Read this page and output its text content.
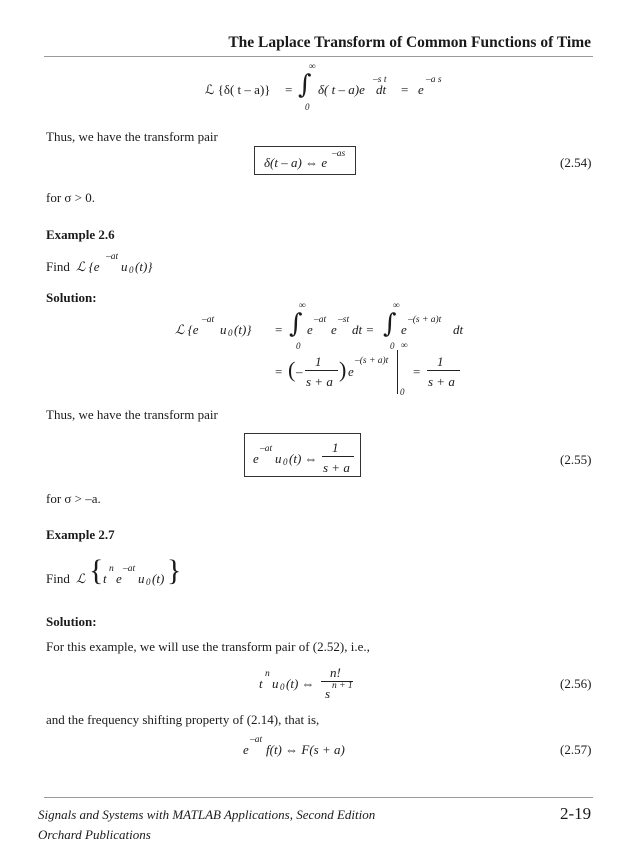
The Laplace Transform of Common Functions of Time
ℒ {δ( t – a)} = ∫
∞
0
δ( t – a)e
–s t
dt = e
–a s
Thus, we have the transform pair
δ(t – a) ⇔ e
–as
(2.54)
for σ > 0.
Example 2.6
Find ℒ {e
–at
u 0 (t)}
Solution:
ℒ {e
–at
u 0 (t)} = ∫
∞
0
e
–at
e
–st
dt = ∫
∞
0
e
–(s + a)t
dt
= ( –
1
s + a ) e
–(s + a)t
∞
0
=
1
s + a
Thus, we have the transform pair
e
–at
u 0 (t) ⇔
1
s + a
(2.55)
for σ > –a.
Example 2.7
Find ℒ { t
n
e
–at
u 0 (t) }
Solution:
For this example, we will use the transform pair of (2.52), i.e.,
t
n
u 0 (t) ⇔
n!
s n + 1	(2.56)
and the frequency shifting property of (2.14), that is,
e
–at
f(t) ⇔ F(s + a)	(2.57)
Signals and Systems with MATLAB Applications, Second Edition
Orchard Publications
2-19
